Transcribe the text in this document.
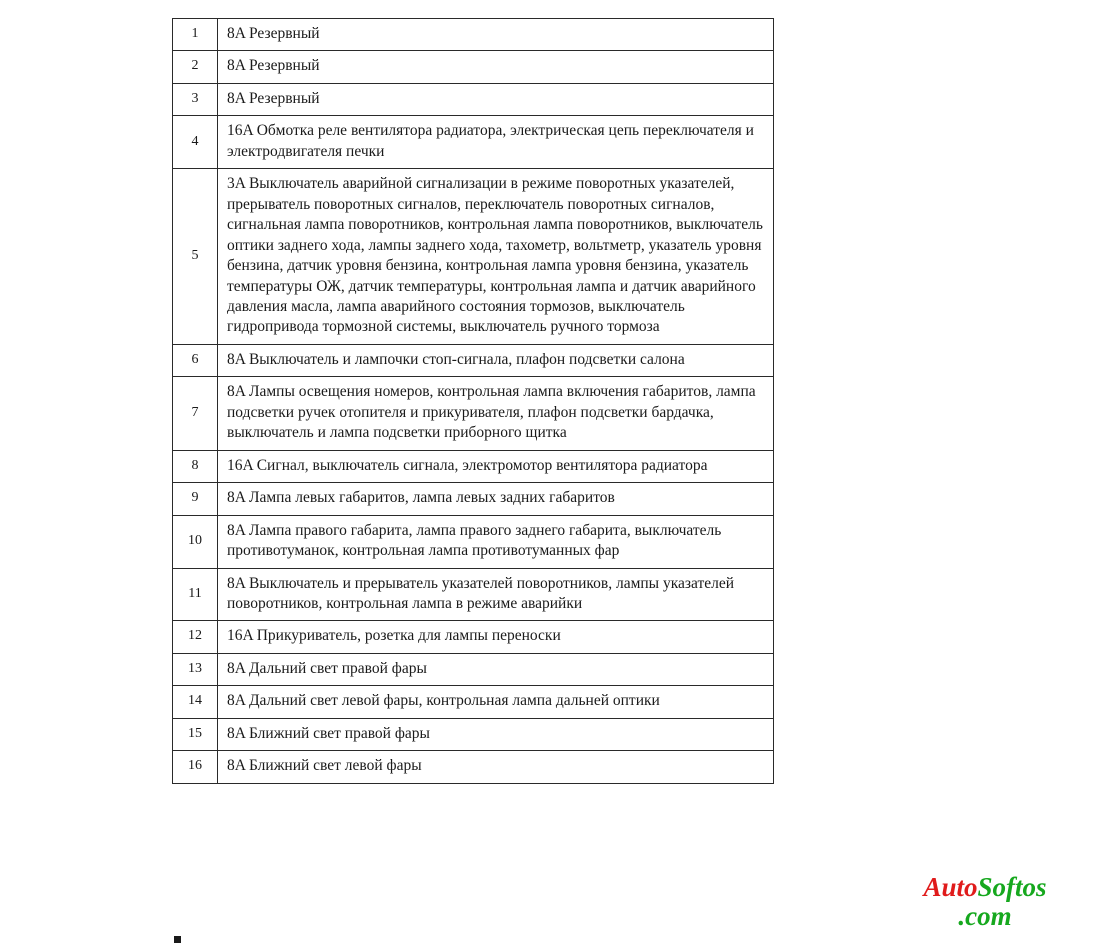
1	8A Резервный
2	8A Резервный
3	8A Резервный
4	16A Обмотка реле вентилятора радиатора, электрическая цепь переключателя и электродвигателя печки
5	3A Выключатель аварийной сигнализации в режиме поворотных указателей, прерыватель поворотных сигналов, переключатель поворотных сигналов, сигнальная лампа поворотников, контрольная лампа поворотников, выключатель оптики заднего хода, лампы заднего хода, тахометр, вольтметр, указатель уровня бензина, датчик уровня бензина, контрольная лампа уровня бензина, указатель температуры ОЖ, датчик температуры, контрольная лампа и датчик аварийного давления масла, лампа аварийного состояния тормозов, выключатель гидропривода тормозной системы, выключатель ручного тормоза
6	8A Выключатель и лампочки стоп-сигнала, плафон подсветки салона
7	8A Лампы освещения номеров, контрольная лампа включения габаритов, лампа подсветки ручек отопителя и прикуривателя, плафон подсветки бардачка, выключатель и лампа подсветки приборного щитка
8	16A Сигнал, выключатель сигнала, электромотор вентилятора радиатора
9	8A Лампа левых габаритов, лампа левых задних габаритов
10	8A Лампа правого габарита, лампа правого заднего габарита, выключатель противотуманок, контрольная лампа противотуманных фар
11	8A Выключатель и прерыватель указателей поворотников, лампы указателей поворотников, контрольная лампа в режиме аварийки
12	16A Прикуриватель, розетка для лампы переноски
13	8A Дальний свет правой фары
14	8A Дальний свет левой фары, контрольная лампа дальней оптики
15	8A Ближний свет правой фары
16	8A Ближний свет левой фары
AutoSoftos
.com
